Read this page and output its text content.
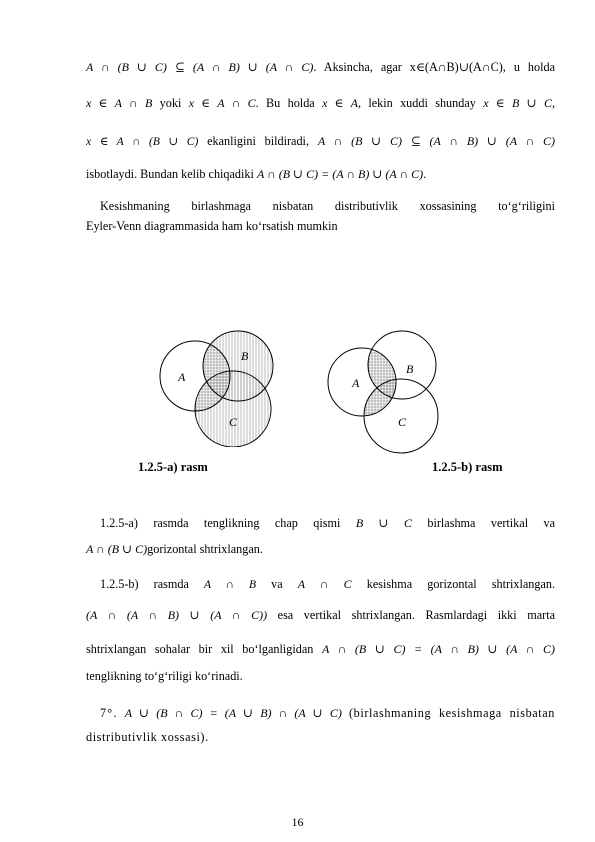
A ∩ (B ∪ C) ⊆ (A ∩ B) ∪ (A ∩ C). Aksincha, agar x∈(A∩B)∪(A∩C), u holda
x ∈ A ∩ B yoki x ∈ A ∩ C. Bu holda x ∈ A, lekin xuddi shunday x ∈ B ∪ C,
x ∈ A ∩ (B ∪ C) ekanligini bildiradi, A ∩ (B ∪ C) ⊆ (A ∩ B) ∪ (A ∩ C)
isbotlaydi. Bundan kelib chiqadiki A ∩ (B ∪ C) = (A ∩ B) ∪ (A ∩ C).
Kesishmaning birlashmaga nisbatan distributivlik xossasining to‘g‘riligini
Eyler-Venn diagrammasida ham ko‘rsatish mumkin
A
B
C
A
B
C
1.2.5-a) rasm	1.2.5-b) rasm
1.2.5-a) rasmda tenglikning chap qismi B ∪ C birlashma vertikal va
A ∩ (B ∪ C)gorizontal shtrixlangan.
1.2.5-b) rasmda A ∩ B va A ∩ C kesishma gorizontal shtrixlangan.
(A ∩ (A ∩ B) ∪ (A ∩ C)) esa vertikal shtrixlangan. Rasmlardagi ikki marta
shtrixlangan sohalar bir xil bo‘lganligidan A ∩ (B ∪ C) = (A ∩ B) ∪ (A ∩ C)
tenglikning to‘g‘riligi ko‘rinadi.
7°. A ∪ (B ∩ C) = (A ∪ B) ∩ (A ∪ C) (birlashmaning kesishmaga nisbatan
distributivlik xossasi).
16
